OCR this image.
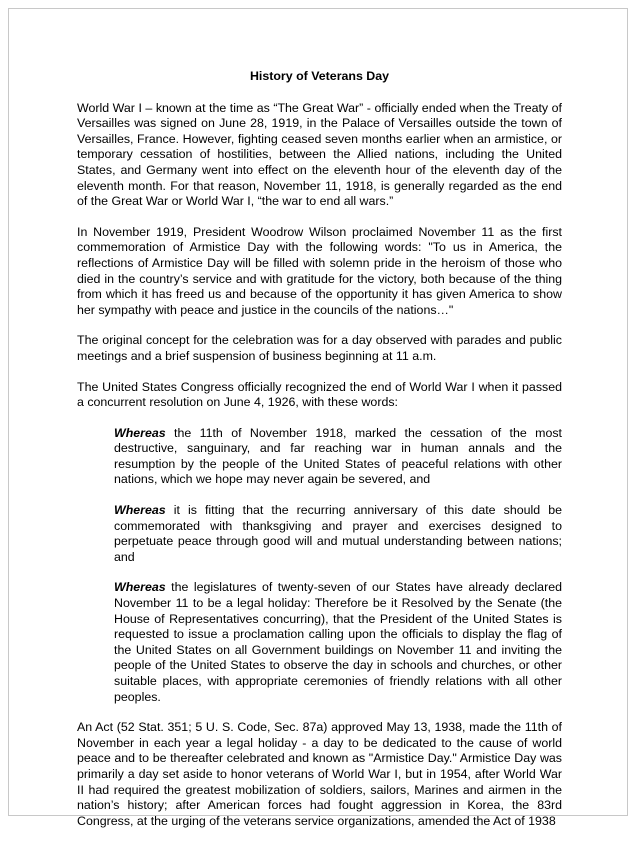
History of Veterans Day

World War I – known at the time as “The Great War” - officially ended when the Treaty of Versailles was signed on June 28, 1919, in the Palace of Versailles outside the town of Versailles, France. However, fighting ceased seven months earlier when an armistice, or temporary cessation of hostilities, between the Allied nations, including the United States, and Germany went into effect on the eleventh hour of the eleventh day of the eleventh month. For that reason, November 11, 1918, is generally regarded as the end of the Great War or World War I, “the war to end all wars.”

In November 1919, President Woodrow Wilson proclaimed November 11 as the first commemoration of Armistice Day with the following words: "To us in America, the reflections of Armistice Day will be filled with solemn pride in the heroism of those who died in the country’s service and with gratitude for the victory, both because of the thing from which it has freed us and because of the opportunity it has given America to show her sympathy with peace and justice in the councils of the nations…"

The original concept for the celebration was for a day observed with parades and public meetings and a brief suspension of business beginning at 11 a.m.

The United States Congress officially recognized the end of World War I when it passed a concurrent resolution on June 4, 1926, with these words:

Whereas the 11th of November 1918, marked the cessation of the most destructive, sanguinary, and far reaching war in human annals and the resumption by the people of the United States of peaceful relations with other nations, which we hope may never again be severed, and

Whereas it is fitting that the recurring anniversary of this date should be commemorated with thanksgiving and prayer and exercises designed to perpetuate peace through good will and mutual understanding between nations; and

Whereas the legislatures of twenty-seven of our States have already declared November 11 to be a legal holiday: Therefore be it Resolved by the Senate (the House of Representatives concurring), that the President of the United States is requested to issue a proclamation calling upon the officials to display the flag of the United States on all Government buildings on November 11 and inviting the people of the United States to observe the day in schools and churches, or other suitable places, with appropriate ceremonies of friendly relations with all other peoples.

An Act (52 Stat. 351; 5 U. S. Code, Sec. 87a) approved May 13, 1938, made the 11th of November in each year a legal holiday - a day to be dedicated to the cause of world peace and to be thereafter celebrated and known as "Armistice Day." Armistice Day was primarily a day set aside to honor veterans of World War I, but in 1954, after World War II had required the greatest mobilization of soldiers, sailors, Marines and airmen in the nation’s history; after American forces had fought aggression in Korea, the 83rd Congress, at the urging of the veterans service organizations, amended the Act of 1938
